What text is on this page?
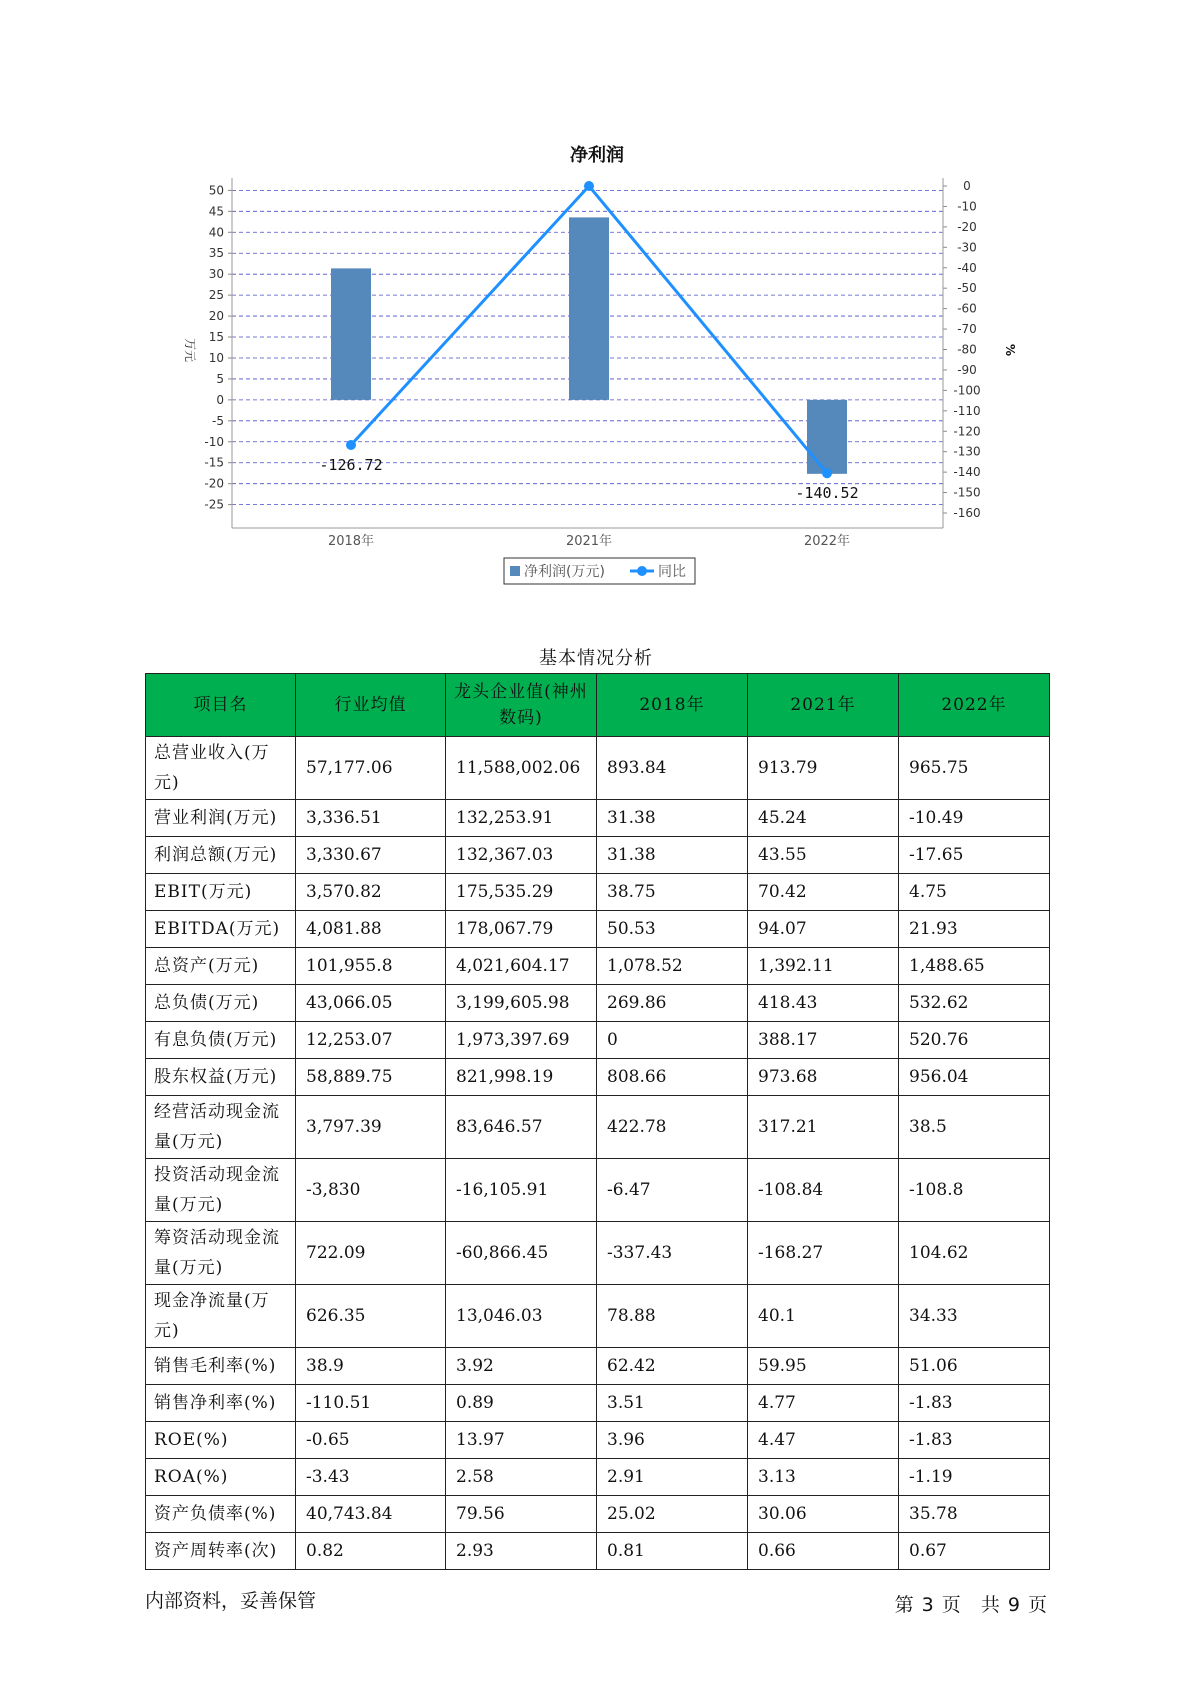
净利润
50
45
40
35
30
25
20
15
10
5
0
-5
-10
-15
-20
-25
0
-10
-20
-30
-40
-50
-60
-70
-80
-90
-100
-110
-120
-130
-140
-150
-160
万元	%
2018年	2021年	2022年
-126.72
-140.52
净利润(万元)	同比
基本情况分析
项目名	行业均值	龙头企业值(神州数码)	2018年	2021年	2022年
总营业收入(万元)	57,177.06	11,588,002.06	893.84	913.79	965.75
营业利润(万元)	3,336.51	132,253.91	31.38	45.24	-10.49
利润总额(万元)	3,330.67	132,367.03	31.38	43.55	-17.65
EBIT(万元)	3,570.82	175,535.29	38.75	70.42	4.75
EBITDA(万元)	4,081.88	178,067.79	50.53	94.07	21.93
总资产(万元)	101,955.8	4,021,604.17	1,078.52	1,392.11	1,488.65
总负债(万元)	43,066.05	3,199,605.98	269.86	418.43	532.62
有息负债(万元)	12,253.07	1,973,397.69	0	388.17	520.76
股东权益(万元)	58,889.75	821,998.19	808.66	973.68	956.04
经营活动现金流量(万元)	3,797.39	83,646.57	422.78	317.21	38.5
投资活动现金流量(万元)	-3,830	-16,105.91	-6.47	-108.84	-108.8
筹资活动现金流量(万元)	722.09	-60,866.45	-337.43	-168.27	104.62
现金净流量(万元)	626.35	13,046.03	78.88	40.1	34.33
销售毛利率(%)	38.9	3.92	62.42	59.95	51.06
销售净利率(%)	-110.51	0.89	3.51	4.77	-1.83
ROE(%)	-0.65	13.97	3.96	4.47	-1.83
ROA(%)	-3.43	2.58	2.91	3.13	-1.19
资产负债率(%)	40,743.84	79.56	25.02	30.06	35.78
资产周转率(次)	0.82	2.93	0.81	0.66	0.67
内部资料，妥善保管	第 3 页 共 9 页
